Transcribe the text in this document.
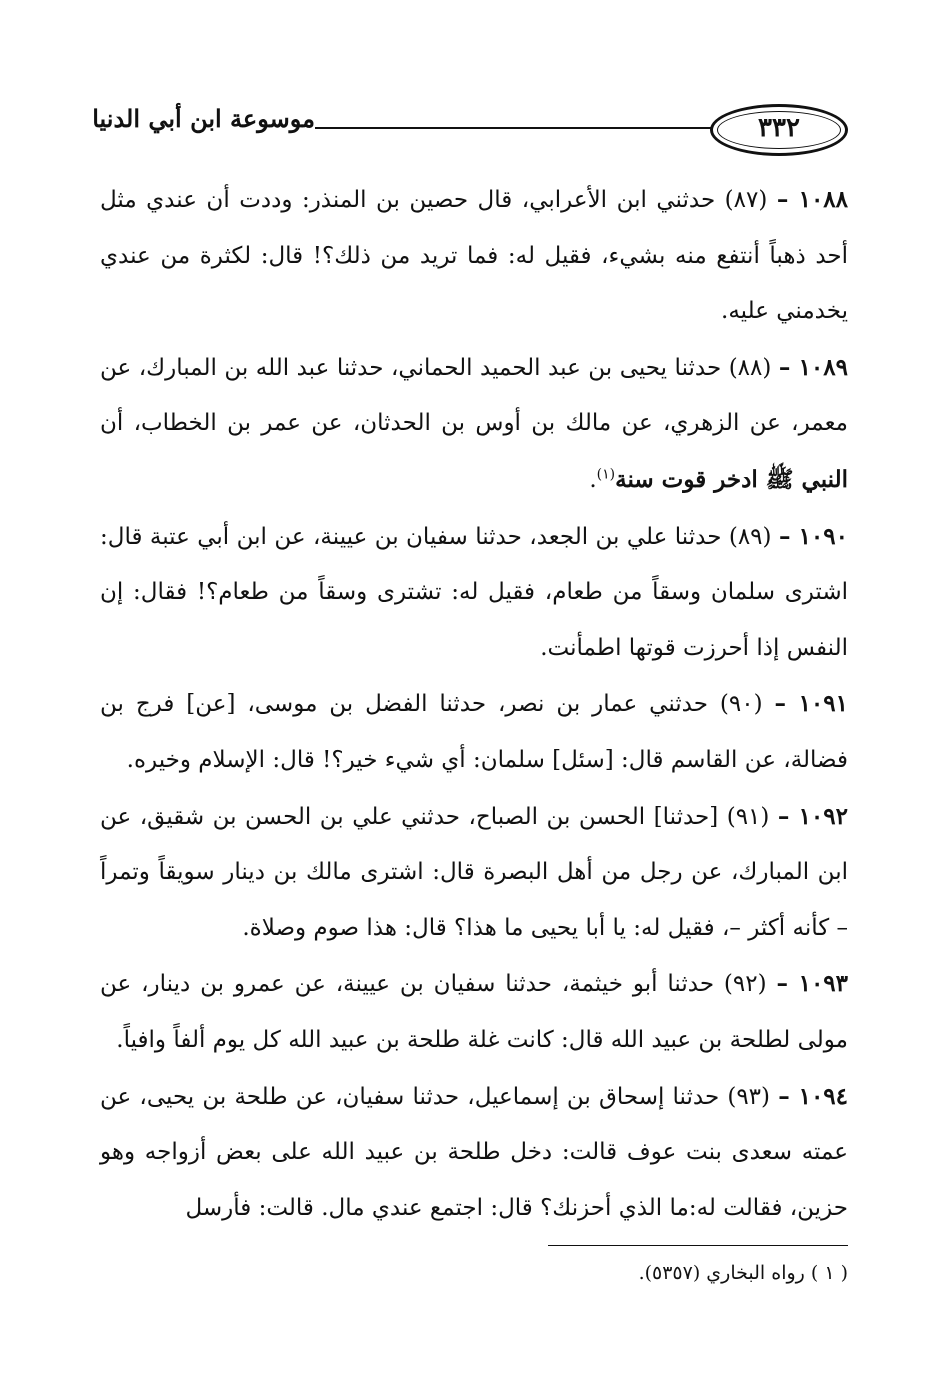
٣٣٢
موسوعة ابن أبي الدنيا

١٠٨٨ – (٨٧) حدثني ابن الأعرابي، قال حصين بن المنذر: وددت أن عندي مثل أحد ذهباً أنتفع منه بشيء، فقيل له: فما تريد من ذلك؟! قال: لكثرة من عندي يخدمني عليه.

١٠٨٩ – (٨٨) حدثنا يحيى بن عبد الحميد الحماني، حدثنا عبد الله بن المبارك، عن معمر، عن الزهري، عن مالك بن أوس بن الحدثان، عن عمر بن الخطاب، أن النبي ﷺ ادخر قوت سنة$^{(١)}$.

١٠٩٠ – (٨٩) حدثنا علي بن الجعد، حدثنا سفيان بن عيينة، عن ابن أبي عتبة قال: اشترى سلمان وسقاً من طعام، فقيل له: تشترى وسقاً من طعام؟! فقال: إن النفس إذا أحرزت قوتها اطمأنت.

١٠٩١ – (٩٠) حدثني عمار بن نصر، حدثنا الفضل بن موسى، [عن] فرج بن فضالة، عن القاسم قال: [سئل] سلمان: أي شيء خير؟! قال: الإسلام وخيره.

١٠٩٢ – (٩١) [حدثنا] الحسن بن الصباح، حدثني علي بن الحسن بن شقيق، عن ابن المبارك، عن رجل من أهل البصرة قال: اشترى مالك بن دينار سويقاً وتمراً – كأنه أكثر –، فقيل له: يا أبا يحيى ما هذا؟ قال: هذا صوم وصلاة.

١٠٩٣ – (٩٢) حدثنا أبو خيثمة، حدثنا سفيان بن عيينة، عن عمرو بن دينار، عن مولى لطلحة بن عبيد الله قال: كانت غلة طلحة بن عبيد الله كل يوم ألفاً وافياً.

١٠٩٤ – (٩٣) حدثنا إسحاق بن إسماعيل، حدثنا سفيان، عن طلحة بن يحيى، عن عمته سعدى بنت عوف قالت: دخل طلحة بن عبيد الله على بعض أزواجه وهو حزين، فقالت له:ما الذي أحزنك؟ قال: اجتمع عندي مال. قالت: فأرسل

( ١ ) رواه البخاري (٥٣٥٧).
